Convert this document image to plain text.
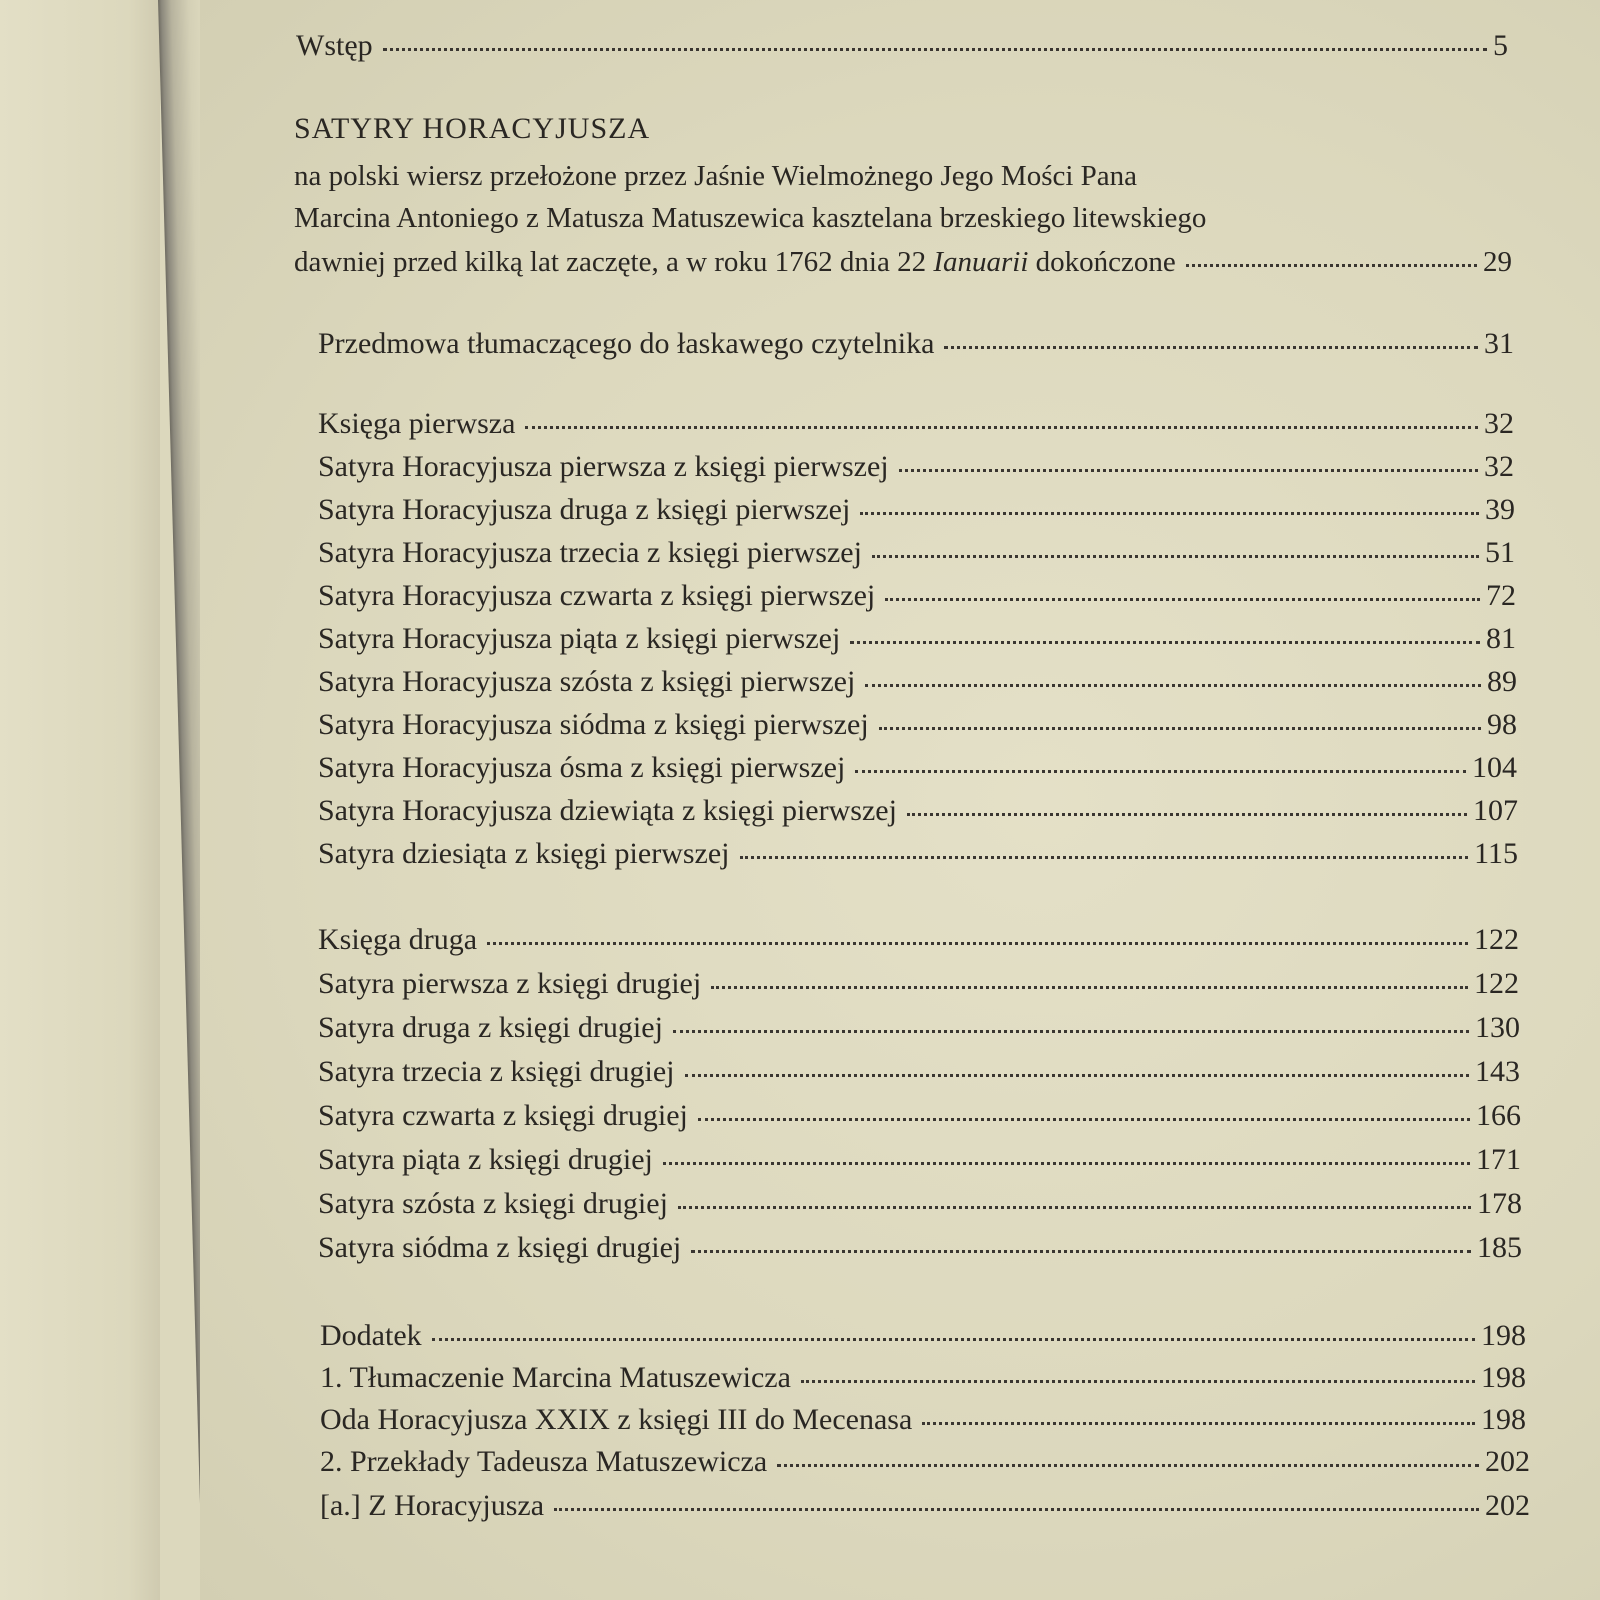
Wstęp	5
SATYRY HORACYJUSZA
na polski wiersz przełożone przez Jaśnie Wielmożnego Jego Mości Pana
Marcina Antoniego z Matusza Matuszewica kasztelana brzeskiego litewskiego
dawniej przed kilką lat zaczęte, a w roku 1762 dnia 22 Ianuarii dokończone	29
Przedmowa tłumaczącego do łaskawego czytelnika	31
Księga pierwsza	32
Satyra Horacyjusza pierwsza z księgi pierwszej	32
Satyra Horacyjusza druga z księgi pierwszej	39
Satyra Horacyjusza trzecia z księgi pierwszej	51
Satyra Horacyjusza czwarta z księgi pierwszej	72
Satyra Horacyjusza piąta z księgi pierwszej	81
Satyra Horacyjusza szósta z księgi pierwszej	89
Satyra Horacyjusza siódma z księgi pierwszej	98
Satyra Horacyjusza ósma z księgi pierwszej	104
Satyra Horacyjusza dziewiąta z księgi pierwszej	107
Satyra dziesiąta z księgi pierwszej	115
Księga druga	122
Satyra pierwsza z księgi drugiej	122
Satyra druga z księgi drugiej	130
Satyra trzecia z księgi drugiej	143
Satyra czwarta z księgi drugiej	166
Satyra piąta z księgi drugiej	171
Satyra szósta z księgi drugiej	178
Satyra siódma z księgi drugiej	185
Dodatek	198
1. Tłumaczenie Marcina Matuszewicza	198
Oda Horacyjusza XXIX z księgi III do Mecenasa	198
2. Przekłady Tadeusza Matuszewicza	202
[a.] Z Horacyjusza	202
